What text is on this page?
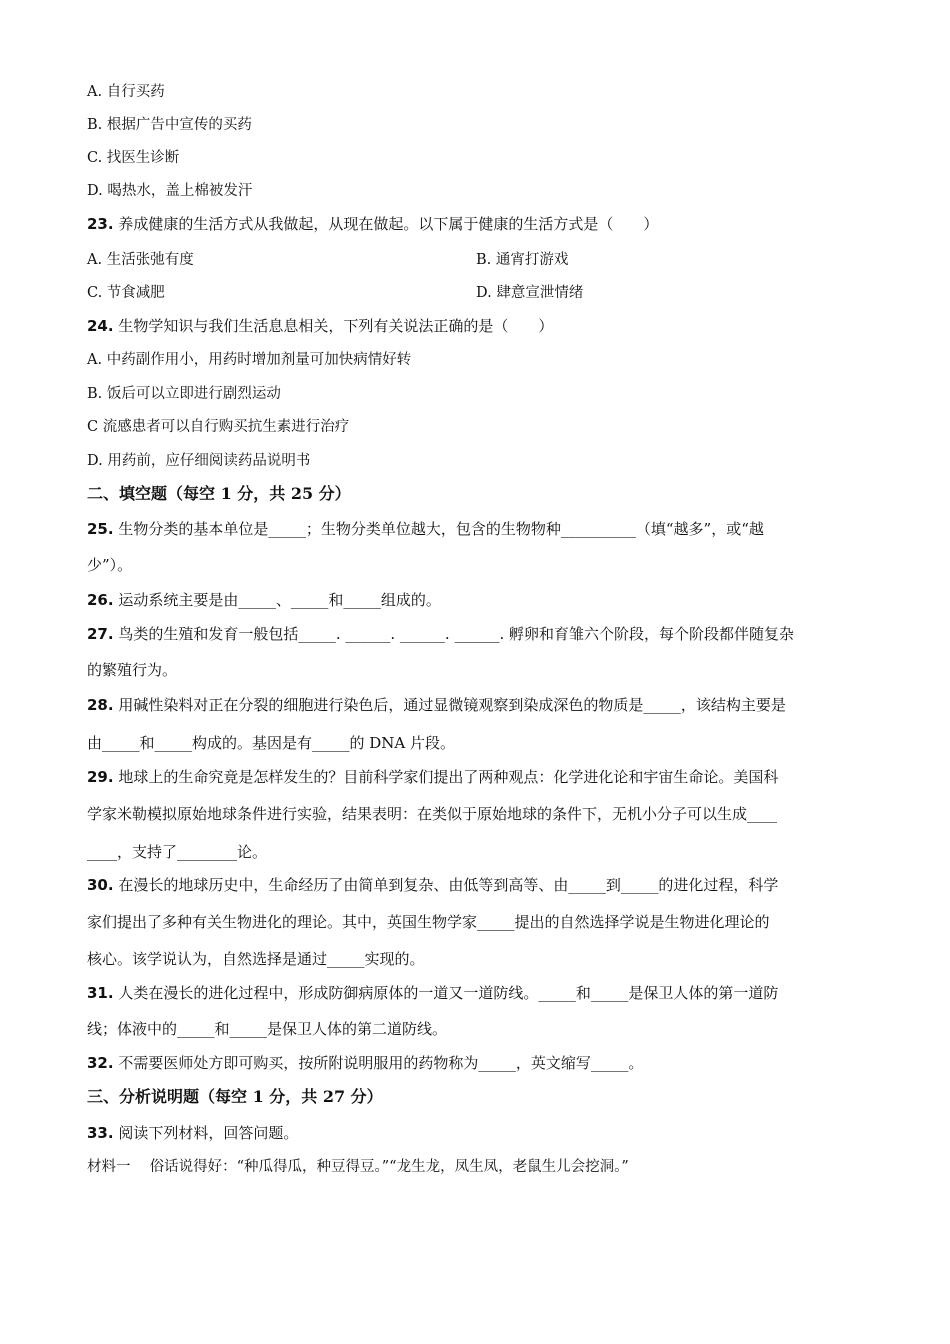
A. 自行买药
B. 根据广告中宣传的买药
C. 找医生诊断
D. 喝热水，盖上棉被发汗
23. 养成健康的生活方式从我做起，从现在做起。以下属于健康的生活方式是（　　）
A. 生活张弛有度	B. 通宵打游戏
C. 节食减肥	D. 肆意宣泄情绪
24. 生物学知识与我们生活息息相关，下列有关说法正确的是（　　）
A. 中药副作用小，用药时增加剂量可加快病情好转
B. 饭后可以立即进行剧烈运动
C 流感患者可以自行购买抗生素进行治疗
D. 用药前，应仔细阅读药品说明书
二、填空题（每空 1 分，共 25 分）
25. 生物分类的基本单位是_____；生物分类单位越大，包含的生物物种__________（填“越多”，或“越
少”）。
26. 运动系统主要是由_____、_____和_____组成的。
27. 鸟类的生殖和发育一般包括_____. ______. ______. ______. 孵卵和育雏六个阶段，每个阶段都伴随复杂
的繁殖行为。
28. 用碱性染料对正在分裂的细胞进行染色后，通过显微镜观察到染成深色的物质是_____，该结构主要是
由_____和_____构成的。基因是有_____的 DNA 片段。
29. 地球上的生命究竟是怎样发生的？目前科学家们提出了两种观点：化学进化论和宇宙生命论。美国科
学家米勒模拟原始地球条件进行实验，结果表明：在类似于原始地球的条件下，无机小分子可以生成____
____，支持了________论。
30. 在漫长的地球历史中，生命经历了由简单到复杂、由低等到高等、由_____到_____的进化过程，科学
家们提出了多种有关生物进化的理论。其中，英国生物学家_____提出的自然选择学说是生物进化理论的
核心。该学说认为，自然选择是通过_____实现的。
31. 人类在漫长的进化过程中，形成防御病原体的一道又一道防线。_____和_____是保卫人体的第一道防
线；体液中的_____和_____是保卫人体的第二道防线。
32. 不需要医师处方即可购买，按所附说明服用的药物称为_____，英文缩写_____。
三、分析说明题（每空 1 分，共 27 分）
33. 阅读下列材料，回答问题。
材料一　 俗话说得好：“种瓜得瓜，种豆得豆。”“龙生龙，凤生凤，老鼠生儿会挖洞。”
